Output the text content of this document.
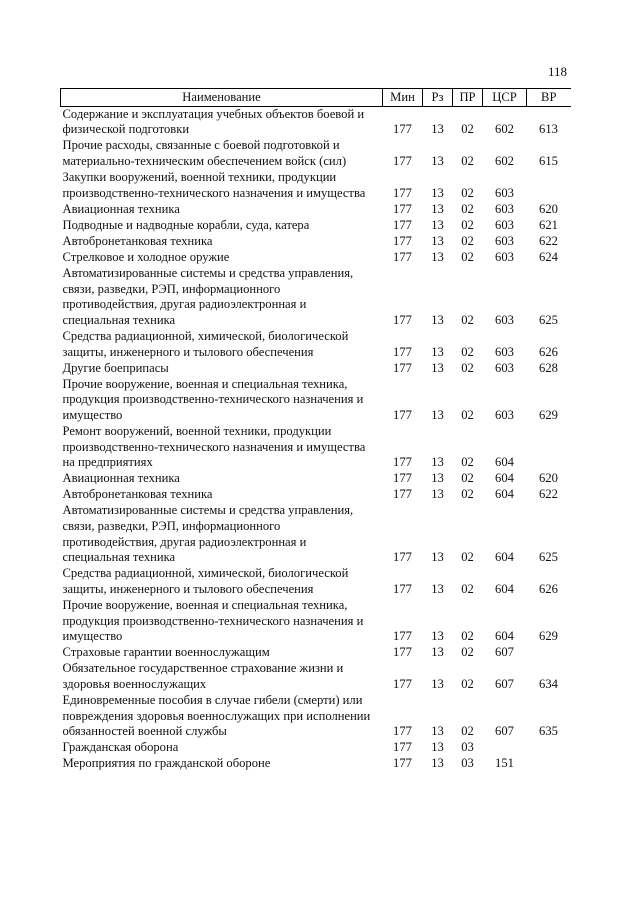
118
Наименование	Мин	Рз	ПР	ЦСР	ВР
Содержание и эксплуатация учебных объектов боевой и физической подготовки	177	13	02	602	613
Прочие расходы, связанные с боевой подготовкой и материально-техническим обеспечением войск (сил)	177	13	02	602	615
Закупки вооружений, военной техники, продукции производственно-технического назначения и имущества	177	13	02	603	
Авиационная техника	177	13	02	603	620
Подводные и надводные корабли, суда, катера	177	13	02	603	621
Автобронетанковая техника	177	13	02	603	622
Стрелковое и холодное оружие	177	13	02	603	624
Автоматизированные системы и средства управления, связи, разведки, РЭП, информационного противодействия, другая радиоэлектронная и специальная техника	177	13	02	603	625
Средства радиационной, химической, биологической защиты, инженерного и тылового обеспечения	177	13	02	603	626
Другие боеприпасы	177	13	02	603	628
Прочие вооружение, военная и специальная техника, продукция производственно-технического назначения и имущество	177	13	02	603	629
Ремонт вооружений, военной техники, продукции производственно-технического назначения и имущества на предприятиях	177	13	02	604	
Авиационная техника	177	13	02	604	620
Автобронетанковая техника	177	13	02	604	622
Автоматизированные системы и средства управления, связи, разведки, РЭП, информационного противодействия, другая радиоэлектронная и специальная техника	177	13	02	604	625
Средства радиационной, химической, биологической защиты, инженерного и тылового обеспечения	177	13	02	604	626
Прочие вооружение, военная и специальная техника, продукция производственно-технического назначения и имущество	177	13	02	604	629
Страховые гарантии военнослужащим	177	13	02	607	
Обязательное государственное страхование жизни и здоровья военнослужащих	177	13	02	607	634
Единовременные пособия в случае гибели (смерти) или повреждения здоровья военнослужащих при исполнении обязанностей военной службы	177	13	02	607	635
Гражданская оборона	177	13	03		
Мероприятия по гражданской обороне	177	13	03	151	
